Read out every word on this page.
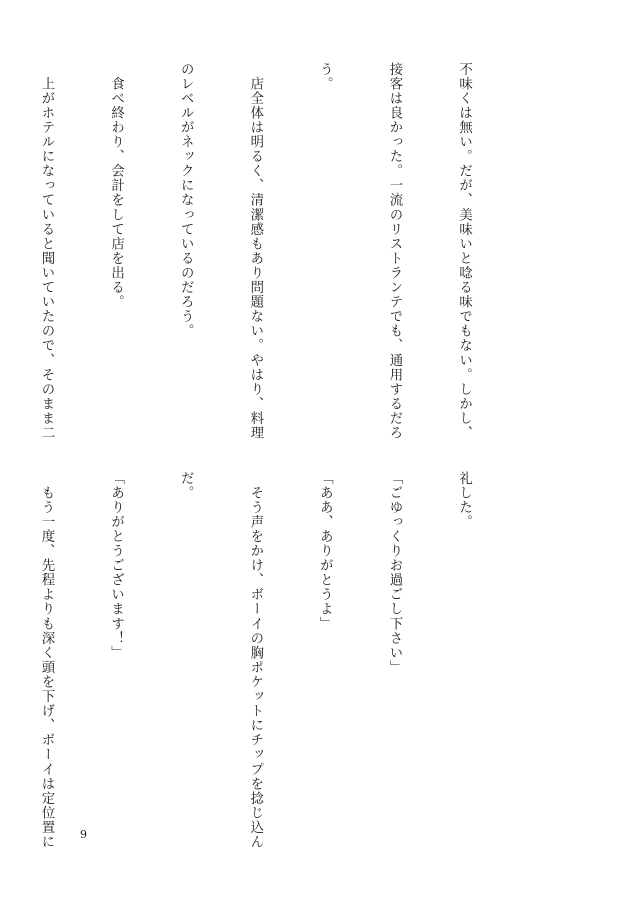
不味くは無い。だが、美味いと唸る味でもない。しかし、

接客は良かった。一流のリストランテでも、通用するだろ

う。

　店全体は明るく、清潔感もあり問題ない。やはり、料理

のレベルがネックになっているのだろう。

　食べ終わり、会計をして店を出る。

　上がホテルになっていると聞いていたので、そのまま二

礼した。

「ごゆっくりお過ごし下さい」

「ああ、ありがとうよ」

　そう声をかけ、ボーイの胸ポケットにチップを捻じ込ん

だ。

「ありがとうございます！」

　もう一度、先程よりも深く頭を下げ、ボーイは定位置に

	9
